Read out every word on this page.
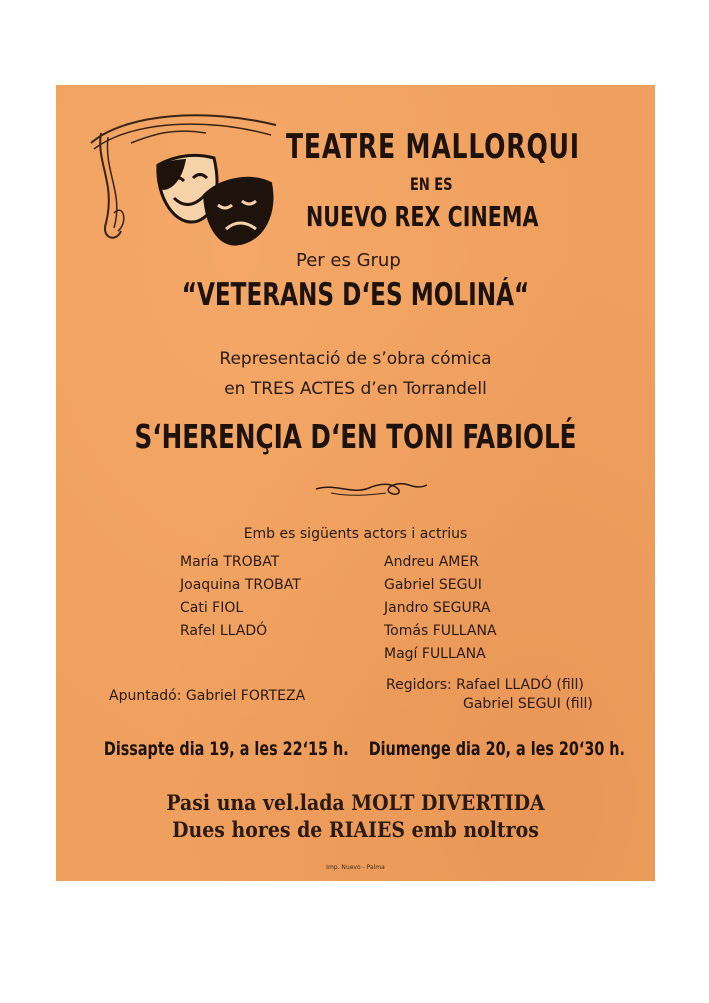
TEATRE MALLORQUI
EN ES
NUEVO REX CINEMA
Per es Grup
“VETERANS D‘ES MOLINÁ“
Representació de s’obra cómica
en TRES ACTES d’en Torrandell
S‘HERENÇIA D‘EN TONI FABIOLÉ
Emb es sigüents actors i actrius
María TROBAT
Joaquina TROBAT
Cati FIOL
Rafel LLADÓ
Andreu AMER
Gabriel SEGUI
Jandro SEGURA
Tomás FULLANA
Magí FULLANA
Apuntadó: Gabriel FORTEZA
Regidors: Rafael LLADÓ (fill)
Gabriel SEGUI (fill)
Dissapte dia 19, a les 22‘15 h.    Diumenge dia 20, a les 20‘30 h.
Pasi una vel.lada MOLT DIVERTIDA
Dues hores de RIAIES emb noltros
Imp. Nuevo - Palma
